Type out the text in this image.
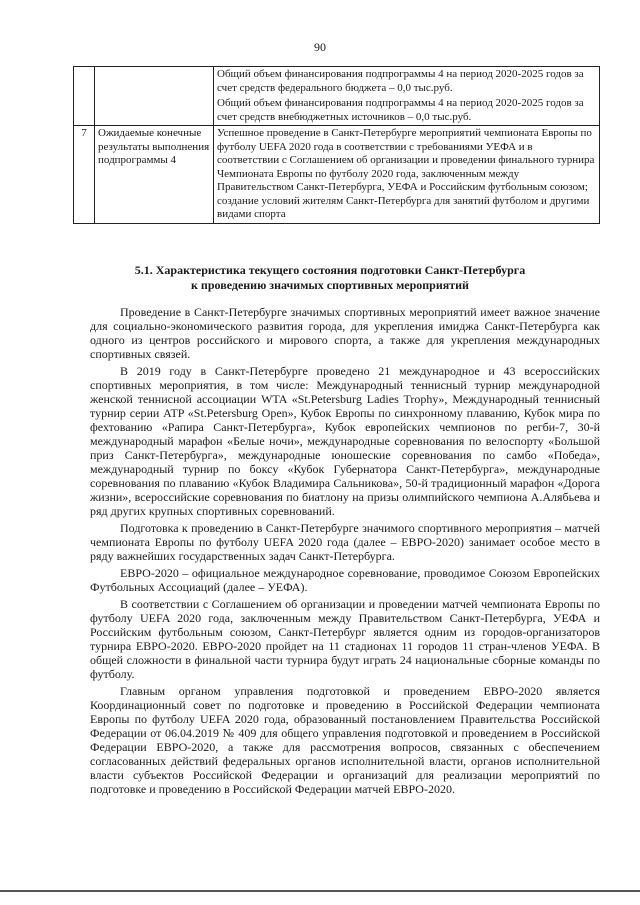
90

		Общий объем финансирования подпрограммы 4 на период 2020-2025 годов за счет средств федерального бюджета – 0,0 тыс.руб.
Общий объем финансирования подпрограммы 4 на период 2020-2025 годов за счет средств внебюджетных источников – 0,0 тыс.руб.

7	Ожидаемые конечные результаты выполнения подпрограммы 4	Успешное проведение в Санкт-Петербурге мероприятий чемпионата Европы по футболу UEFA 2020 года в соответствии с требованиями УЕФА и в соответствии с Соглашением об организации и проведении финального турнира Чемпионата Европы по футболу 2020 года, заключенным между Правительством Санкт-Петербурга, УЕФА и Российским футбольным союзом; создание условий жителям Санкт-Петербурга для занятий футболом и другими видами спорта
5.1. Характеристика текущего состояния подготовки Санкт-Петербурга
к проведению значимых спортивных мероприятий

Проведение в Санкт-Петербурге значимых спортивных мероприятий имеет важное значение для социально-экономического развития города, для укрепления имиджа Санкт-Петербурга как одного из центров российского и мирового спорта, а также для укрепления международных спортивных связей.

В 2019 году в Санкт-Петербурге проведено 21 международное и 43 всероссийских спортивных мероприятия, в том числе: Международный теннисный турнир международной женской теннисной ассоциации WTA «St.Petersburg Ladies Trophy», Международный теннисный турнир серии ATP «St.Petersburg Open», Кубок Европы по синхронному плаванию, Кубок мира по фехтованию «Рапира Санкт-Петербурга», Кубок европейских чемпионов по регби-7, 30-й международный марафон «Белые ночи», международные соревнования по велоспорту «Большой приз Санкт-Петербурга», международные юношеские соревнования по самбо «Победа», международный турнир по боксу «Кубок Губернатора Санкт-Петербурга», международные соревнования по плаванию «Кубок Владимира Сальникова», 50-й традиционный марафон «Дорога жизни», всероссийские соревнования по биатлону на призы олимпийского чемпиона А.Алябьева и ряд других крупных спортивных соревнований.

Подготовка к проведению в Санкт-Петербурге значимого спортивного мероприятия – матчей чемпионата Европы по футболу UEFA 2020 года (далее – ЕВРО-2020) занимает особое место в ряду важнейших государственных задач Санкт-Петербурга.

ЕВРО-2020 – официальное международное соревнование, проводимое Союзом Европейских Футбольных Ассоциаций (далее – УЕФА).

В соответствии с Соглашением об организации и проведении матчей чемпионата Европы по футболу UEFA 2020 года, заключенным между Правительством Санкт-Петербурга, УЕФА и Российским футбольным союзом, Санкт-Петербург является одним из городов-организаторов турнира ЕВРО-2020. ЕВРО-2020 пройдет на 11 стадионах 11 городов 11 стран-членов УЕФА. В общей сложности в финальной части турнира будут играть 24 национальные сборные команды по футболу.

Главным органом управления подготовкой и проведением ЕВРО-2020 является Координационный совет по подготовке и проведению в Российской Федерации чемпионата Европы по футболу UEFA 2020 года, образованный постановлением Правительства Российской Федерации от 06.04.2019 № 409 для общего управления подготовкой и проведением в Российской Федерации ЕВРО-2020, а также для рассмотрения вопросов, связанных с обеспечением согласованных действий федеральных органов исполнительной власти, органов исполнительной власти субъектов Российской Федерации и организаций для реализации мероприятий по подготовке и проведению в Российской Федерации матчей ЕВРО-2020.
